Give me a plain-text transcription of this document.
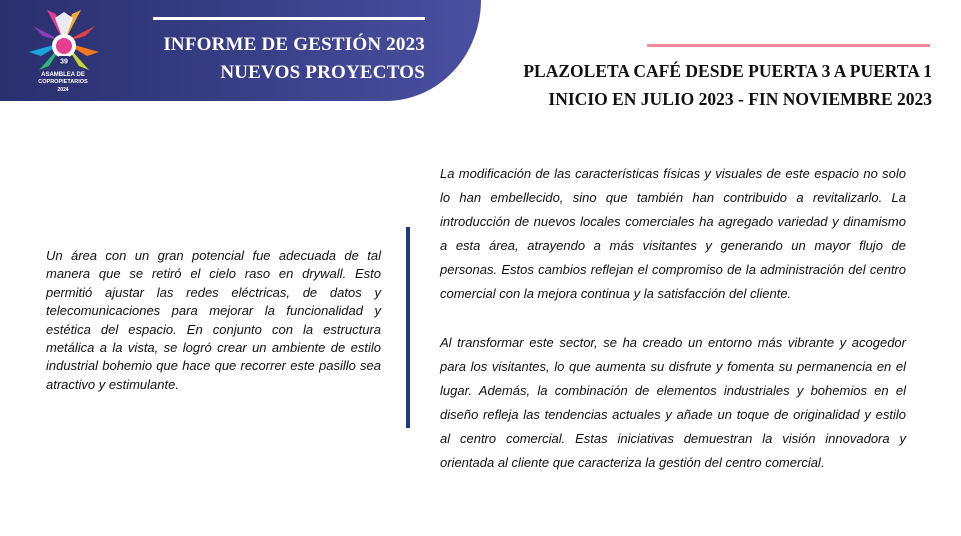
INFORME DE GESTIÓN 2023
NUEVOS PROYECTOS
39
ASAMBLEA DE
COPROPIETARIOS
2024
PLAZOLETA CAFÉ DESDE PUERTA 3 A PUERTA 1
INICIO EN JULIO 2023 - FIN NOVIEMBRE 2023
Un área con un gran potencial fue adecuada de tal manera que se retiró el cielo raso en drywall. Esto permitió ajustar las redes eléctricas, de datos y telecomunicaciones para mejorar la funcionalidad y estética del espacio. En conjunto con la estructura metálica a la vista, se logró crear un ambiente de estilo industrial bohemio que hace que recorrer este pasillo sea atractivo y estimulante.

La modificación de las características físicas y visuales de este espacio no solo lo han embellecido, sino que también han contribuido a revitalizarlo. La introducción de nuevos locales comerciales ha agregado variedad y dinamismo a esta área, atrayendo a más visitantes y generando un mayor flujo de personas. Estos cambios reflejan el compromiso de la administración del centro comercial con la mejora continua y la satisfacción del cliente.

Al transformar este sector, se ha creado un entorno más vibrante y acogedor para los visitantes, lo que aumenta su disfrute y fomenta su permanencia en el lugar. Además, la combinación de elementos industriales y bohemios en el diseño refleja las tendencias actuales y añade un toque de originalidad y estilo al centro comercial. Estas iniciativas demuestran la visión innovadora y orientada al cliente que caracteriza la gestión del centro comercial.
